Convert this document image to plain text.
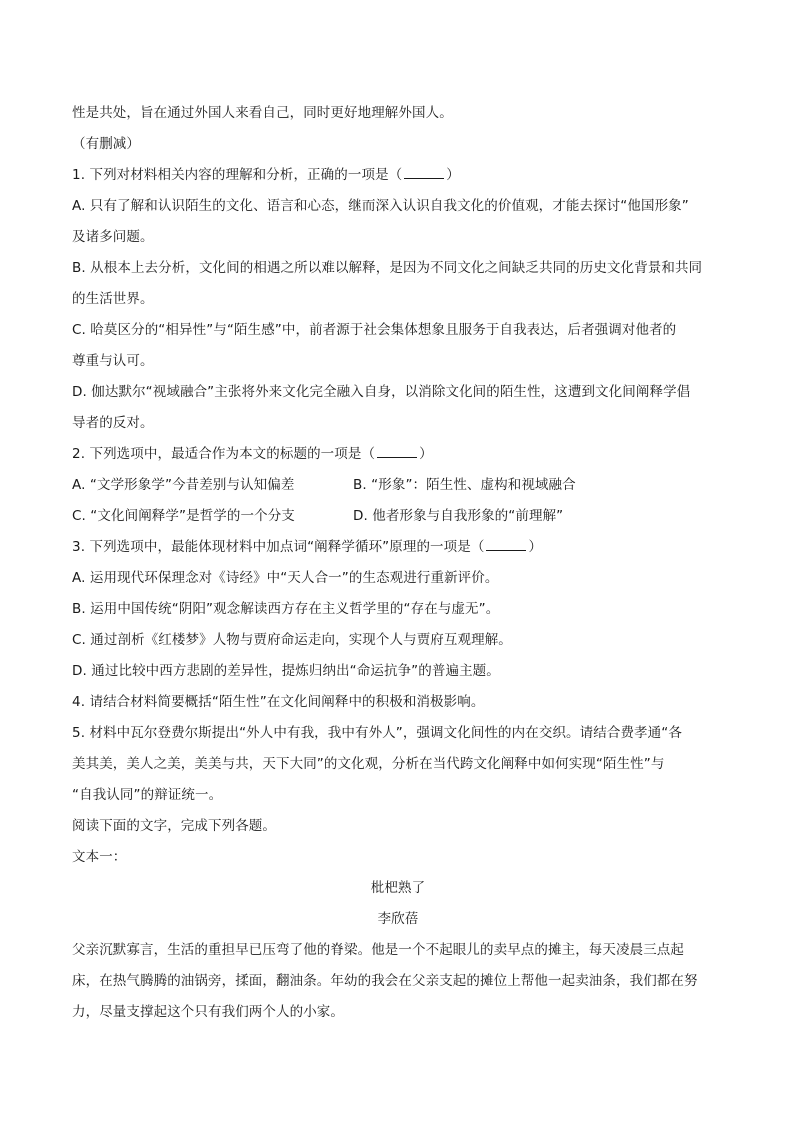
性是共处，旨在通过外国人来看自己，同时更好地理解外国人。
（有删减）
1. 下列对材料相关内容的理解和分析，正确的一项是（	）
A. 只有了解和认识陌生的文化、语言和心态，继而深入认识自我文化的价值观，才能去探讨“他国形象”
及诸多问题。
B. 从根本上去分析，文化间的相遇之所以难以解释，是因为不同文化之间缺乏共同的历史文化背景和共同
的生活世界。
C. 哈莫区分的“相异性”与“陌生感”中，前者源于社会集体想象且服务于自我表达，后者强调对他者的
尊重与认可。
D. 伽达默尔“视域融合”主张将外来文化完全融入自身，以消除文化间的陌生性，这遭到文化间阐释学倡
导者的反对。
2. 下列选项中，最适合作为本文的标题的一项是（	）
A. “文学形象学”今昔差别与认知偏差	B. “形象”：陌生性、虚构和视域融合
C. “文化间阐释学”是哲学的一个分支	D. 他者形象与自我形象的“前理解”
3. 下列选项中，最能体现材料中加点词“阐释学循环”原理的一项是（	）
A. 运用现代环保理念对《诗经》中“天人合一”的生态观进行重新评价。
B. 运用中国传统“阴阳”观念解读西方存在主义哲学里的“存在与虚无”。
C. 通过剖析《红楼梦》人物与贾府命运走向，实现个人与贾府互观理解。
D. 通过比较中西方悲剧的差异性，提炼归纳出“命运抗争”的普遍主题。
4. 请结合材料简要概括“陌生性”在文化间阐释中的积极和消极影响。
5. 材料中瓦尔登费尔斯提出“外人中有我，我中有外人”，强调文化间性的内在交织。请结合费孝通“各
美其美，美人之美，美美与共，天下大同”的文化观，分析在当代跨文化阐释中如何实现“陌生性”与
“自我认同”的辩证统一。
阅读下面的文字，完成下列各题。
文本一：
枇杷熟了
李欣蓓
父亲沉默寡言，生活的重担早已压弯了他的脊梁。他是一个不起眼儿的卖早点的摊主，每天凌晨三点起
床，在热气腾腾的油锅旁，揉面，翻油条。年幼的我会在父亲支起的摊位上帮他一起卖油条，我们都在努
力，尽量支撑起这个只有我们两个人的小家。
